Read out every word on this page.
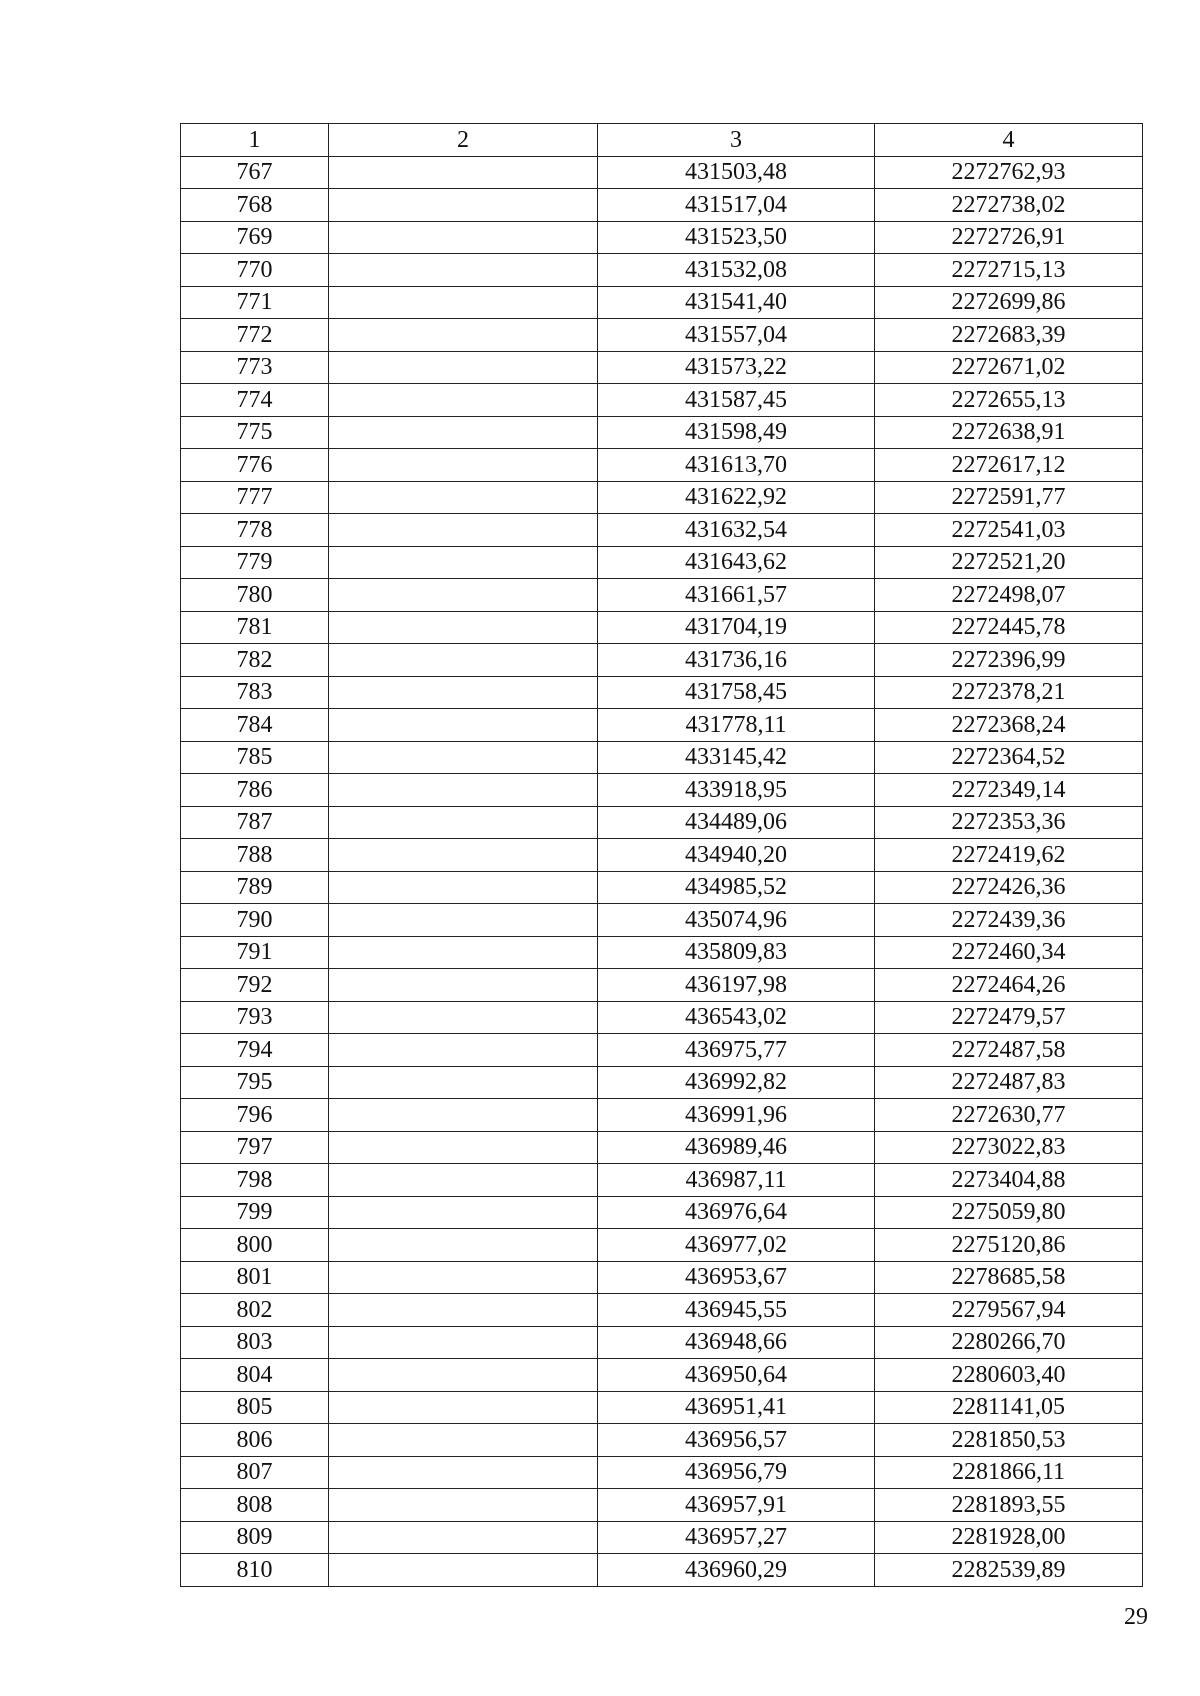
1	2	3	4
767		431503,48	2272762,93
768		431517,04	2272738,02
769		431523,50	2272726,91
770		431532,08	2272715,13
771		431541,40	2272699,86
772		431557,04	2272683,39
773		431573,22	2272671,02
774		431587,45	2272655,13
775		431598,49	2272638,91
776		431613,70	2272617,12
777		431622,92	2272591,77
778		431632,54	2272541,03
779		431643,62	2272521,20
780		431661,57	2272498,07
781		431704,19	2272445,78
782		431736,16	2272396,99
783		431758,45	2272378,21
784		431778,11	2272368,24
785		433145,42	2272364,52
786		433918,95	2272349,14
787		434489,06	2272353,36
788		434940,20	2272419,62
789		434985,52	2272426,36
790		435074,96	2272439,36
791		435809,83	2272460,34
792		436197,98	2272464,26
793		436543,02	2272479,57
794		436975,77	2272487,58
795		436992,82	2272487,83
796		436991,96	2272630,77
797		436989,46	2273022,83
798		436987,11	2273404,88
799		436976,64	2275059,80
800		436977,02	2275120,86
801		436953,67	2278685,58
802		436945,55	2279567,94
803		436948,66	2280266,70
804		436950,64	2280603,40
805		436951,41	2281141,05
806		436956,57	2281850,53
807		436956,79	2281866,11
808		436957,91	2281893,55
809		436957,27	2281928,00
810		436960,29	2282539,89
29
